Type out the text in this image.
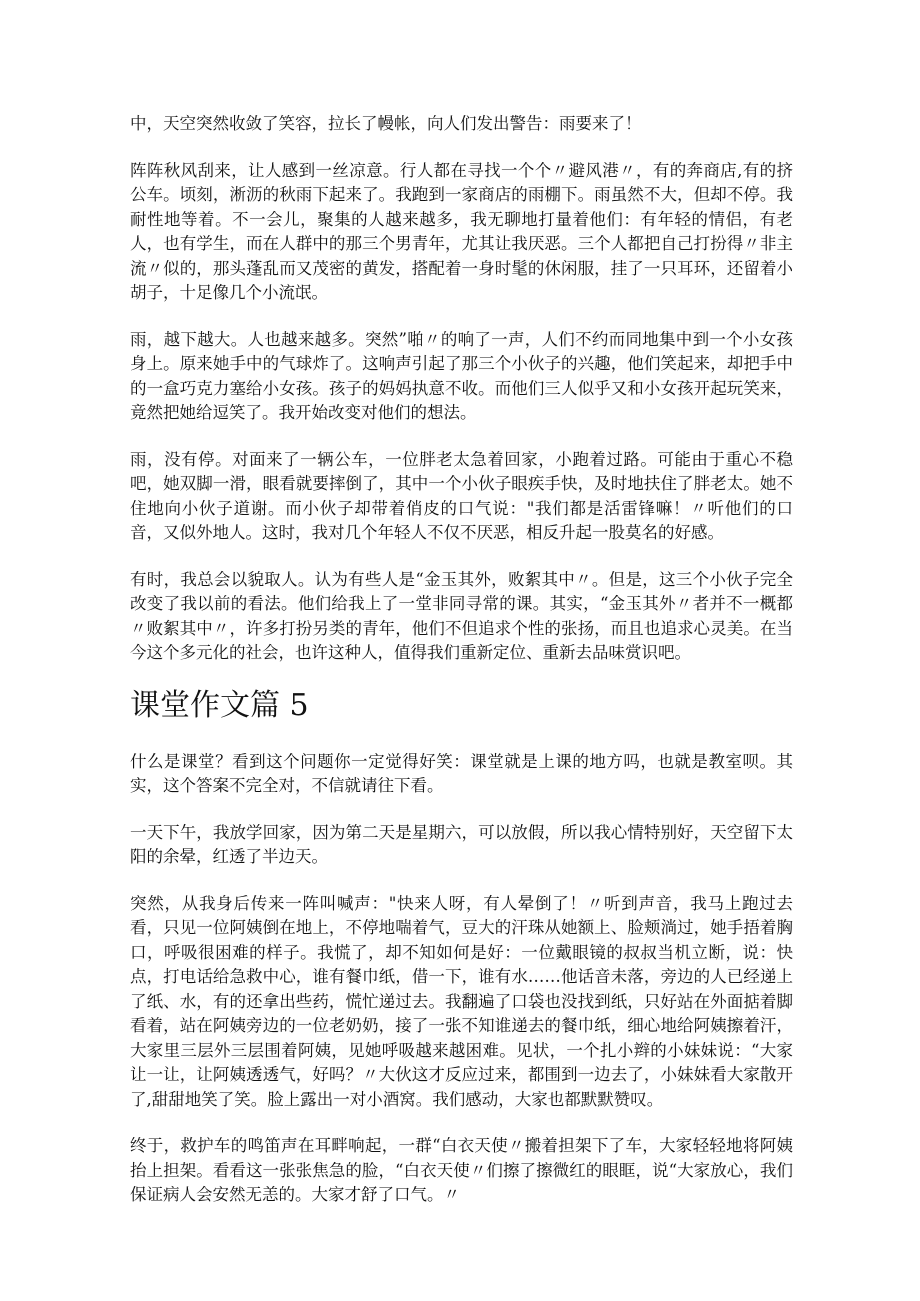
中，天空突然收敛了笑容，拉长了幔帐，向人们发出警告：雨要来了！

阵阵秋风刮来，让人感到一丝凉意。行人都在寻找一个个〃避风港〃，有的奔商店,有的挤公车。顷刻，淅沥的秋雨下起来了。我跑到一家商店的雨棚下。雨虽然不大，但却不停。我耐性地等着。不一会儿，聚集的人越来越多，我无聊地打量着他们：有年轻的情侣，有老人，也有学生，而在人群中的那三个男青年，尤其让我厌恶。三个人都把自己打扮得〃非主流〃似的，那头蓬乱而又茂密的黄发，搭配着一身时髦的休闲服，挂了一只耳环，还留着小胡子，十足像几个小流氓。

雨，越下越大。人也越来越多。突然”啪〃的响了一声，人们不约而同地集中到一个小女孩身上。原来她手中的气球炸了。这响声引起了那三个小伙子的兴趣，他们笑起来，却把手中的一盒巧克力塞给小女孩。孩子的妈妈执意不收。而他们三人似乎又和小女孩开起玩笑来，竟然把她给逗笑了。我开始改变对他们的想法。

雨，没有停。对面来了一辆公车，一位胖老太急着回家，小跑着过路。可能由于重心不稳吧，她双脚一滑，眼看就要摔倒了，其中一个小伙子眼疾手快，及时地扶住了胖老太。她不住地向小伙子道谢。而小伙子却带着俏皮的口气说："我们都是活雷锋嘛！〃听他们的口音，又似外地人。这时，我对几个年轻人不仅不厌恶，相反升起一股莫名的好感。

有时，我总会以貌取人。认为有些人是“金玉其外，败絮其中〃。但是，这三个小伙子完全改变了我以前的看法。他们给我上了一堂非同寻常的课。其实，“金玉其外〃者并不一概都〃败絮其中〃，许多打扮另类的青年，他们不但追求个性的张扬，而且也追求心灵美。在当今这个多元化的社会，也许这种人，值得我们重新定位、重新去品味赏识吧。

课堂作文篇 5

什么是课堂？看到这个问题你一定觉得好笑：课堂就是上课的地方吗，也就是教室呗。其实，这个答案不完全对，不信就请往下看。

一天下午，我放学回家，因为第二天是星期六，可以放假，所以我心情特别好，天空留下太阳的余晕，红透了半边天。

突然，从我身后传来一阵叫喊声："快来人呀，有人晕倒了！〃听到声音，我马上跑过去看，只见一位阿姨倒在地上，不停地喘着气，豆大的汗珠从她额上、脸颊淌过，她手捂着胸口，呼吸很困难的样子。我慌了，却不知如何是好：一位戴眼镜的叔叔当机立断，说：快点，打电话给急救中心，谁有餐巾纸，借一下，谁有水……他话音未落，旁边的人已经递上了纸、水，有的还拿出些药，慌忙递过去。我翻遍了口袋也没找到纸，只好站在外面掂着脚看着，站在阿姨旁边的一位老奶奶，接了一张不知谁递去的餐巾纸，细心地给阿姨擦着汗，大家里三层外三层围着阿姨，见她呼吸越来越困难。见状，一个扎小辫的小妹妹说：“大家让一让，让阿姨透透气，好吗？〃大伙这才反应过来，都围到一边去了，小妹妹看大家散开了,甜甜地笑了笑。脸上露出一对小酒窝。我们感动，大家也都默默赞叹。

终于，救护车的鸣笛声在耳畔响起，一群“白衣天使〃搬着担架下了车，大家轻轻地将阿姨抬上担架。看看这一张张焦急的脸，“白衣天使〃们擦了擦微红的眼眶，说“大家放心，我们保证病人会安然无恙的。大家才舒了口气。〃
